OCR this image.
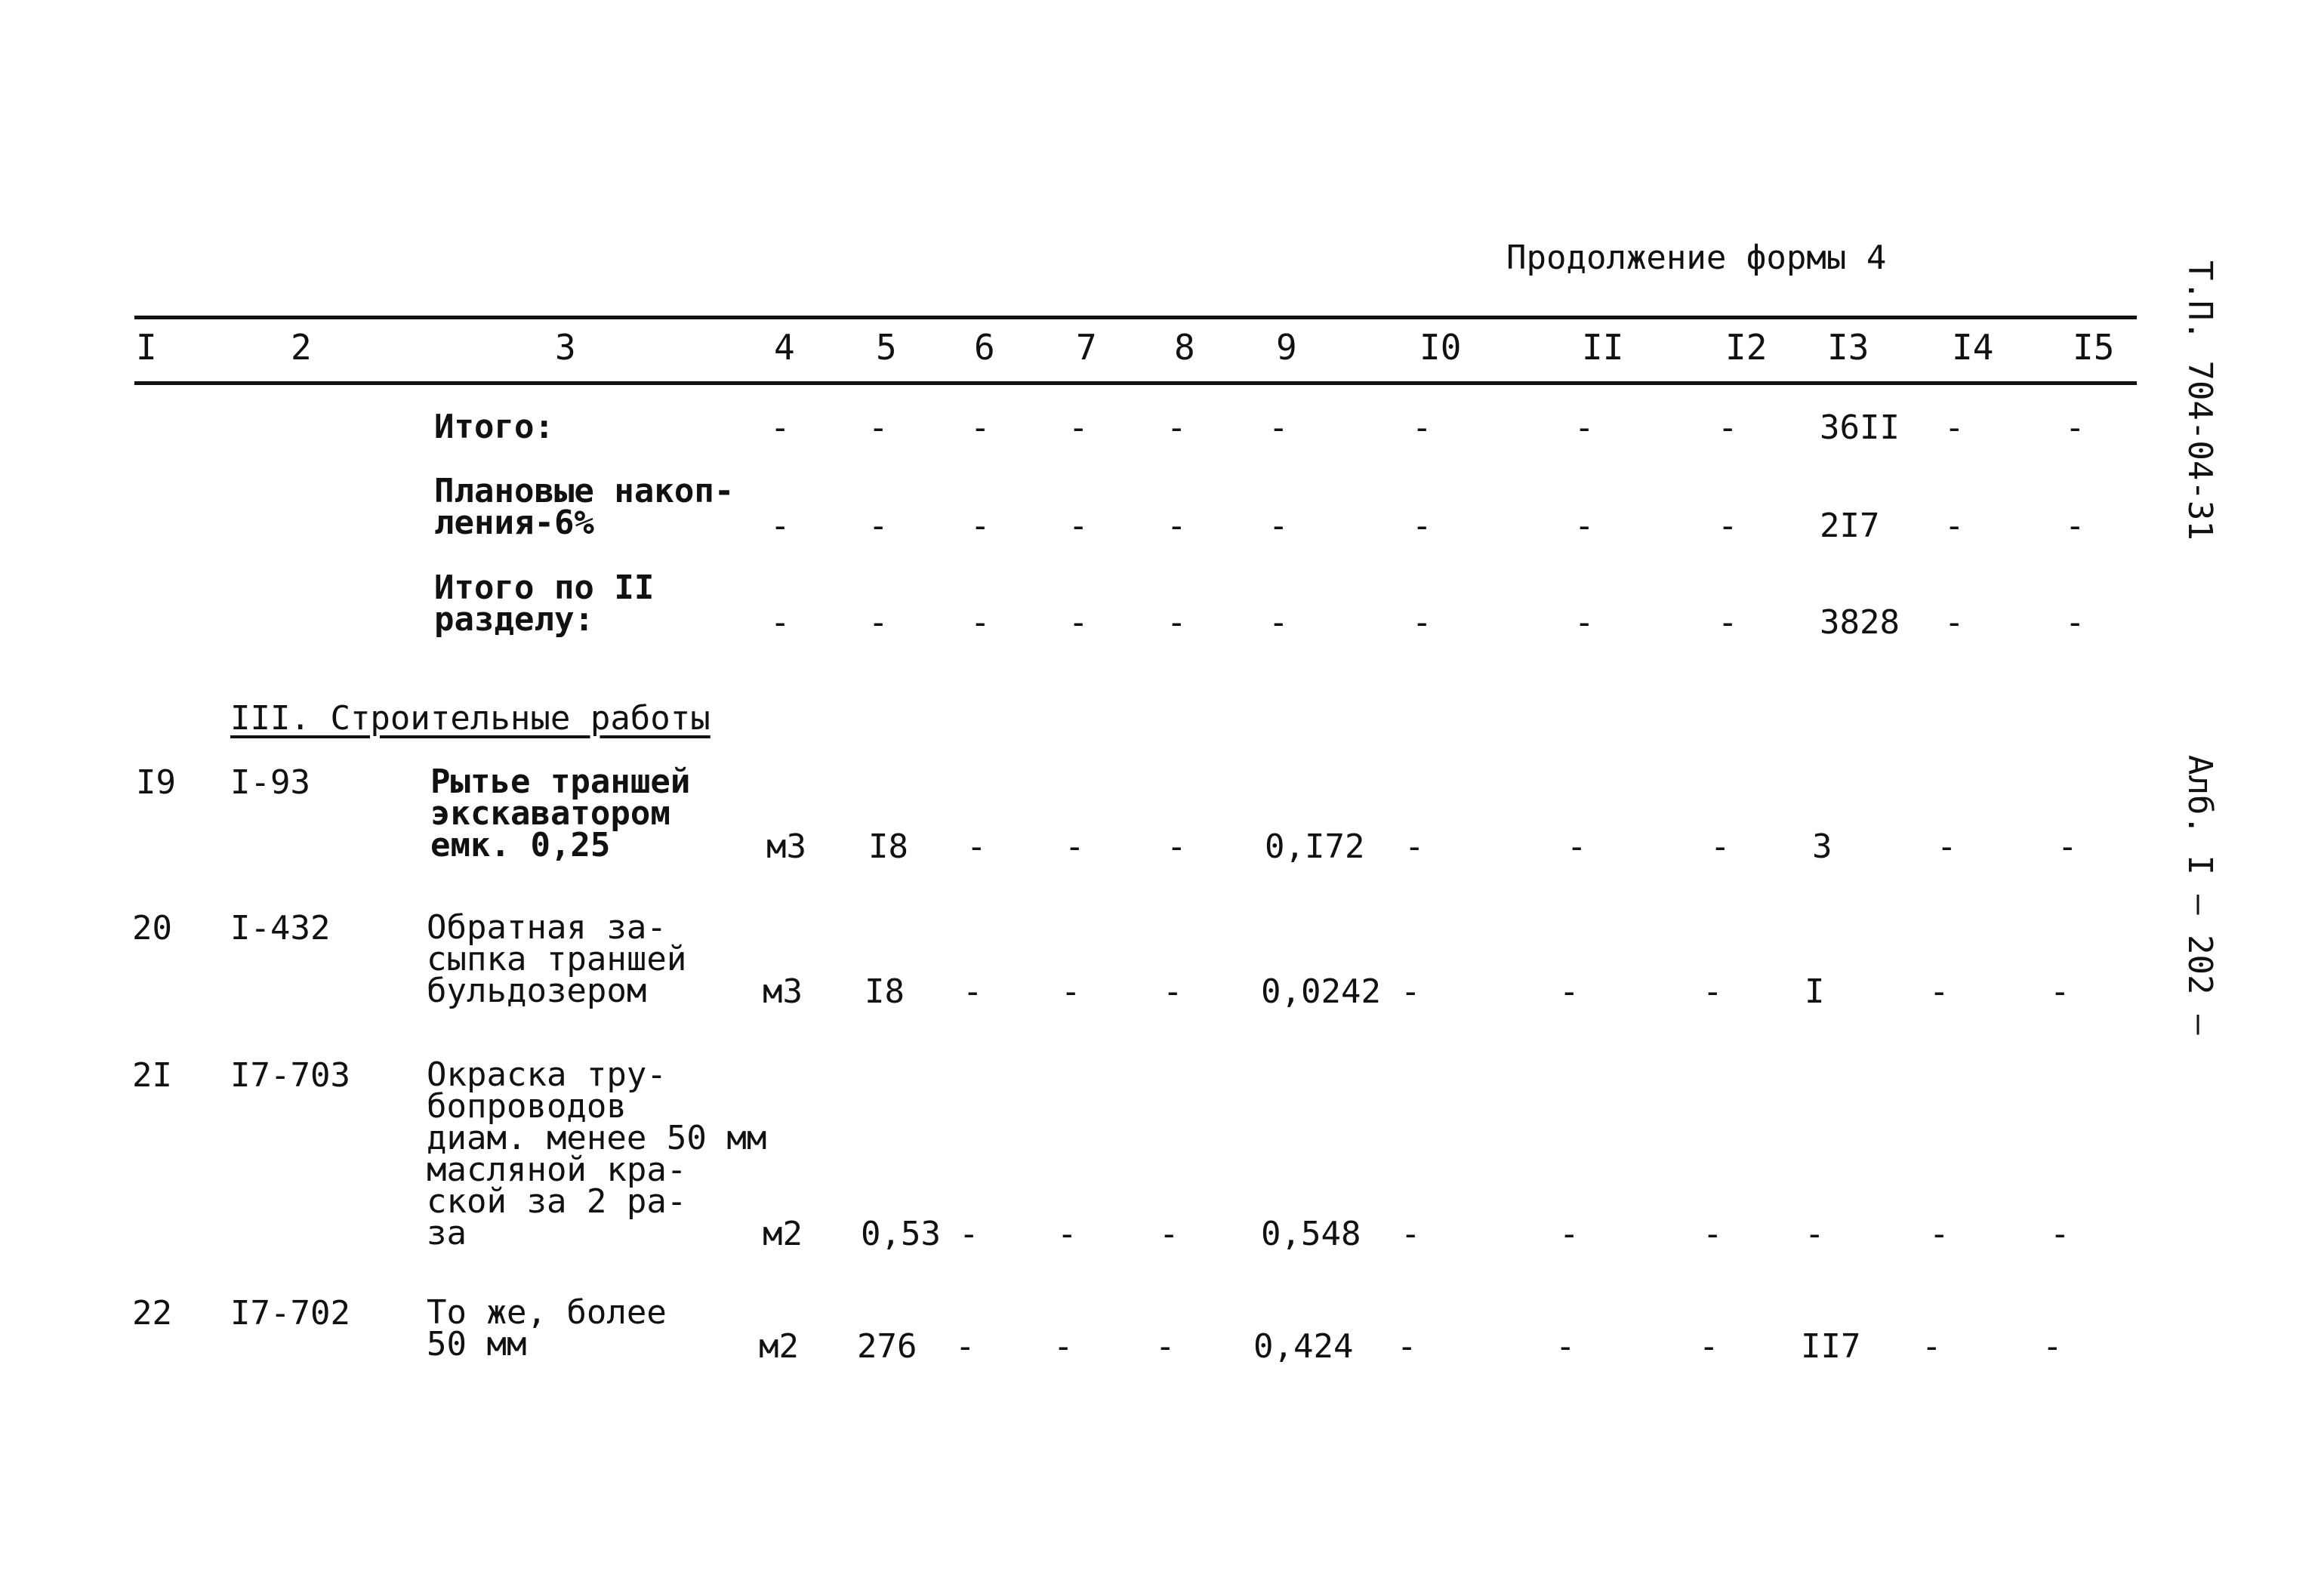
Продолжение формы 4
Т.П. 704-04-31
Алб. I
— 202 —
I	2	3	4 5 6 7 8 9	I0	II	I2 I3 I4 I5
Итого:	- - - - - -	-	-	- 36II -	-
Плановые накоп-
ления-6%	- - - - - -	-	-	- 2I7 -	-
Итого по II
разделу:	- - - - - -	-	-	- 3828 -	-
III. Строительные работы
I9 I-93	Рытье траншей
экскаватором
емк. 0,25	м3 I8 - - - 0,I72 -	-	- 3	-	-
20 I-432	Обратная за-
сыпка траншей
бульдозером	м3 I8 - - - 0,0242 -	-	- I	-	-
2I I7-703 Окраска тру-
бопроводов
диам. менее 50 мм
масляной кра-
ской за 2 ра-
за	м2 0,53 - - - 0,548 -	-	- -	-	-
22 I7-702 То же, более
50 мм	м2 276 - - - 0,424 -	-	- II7 -	-
